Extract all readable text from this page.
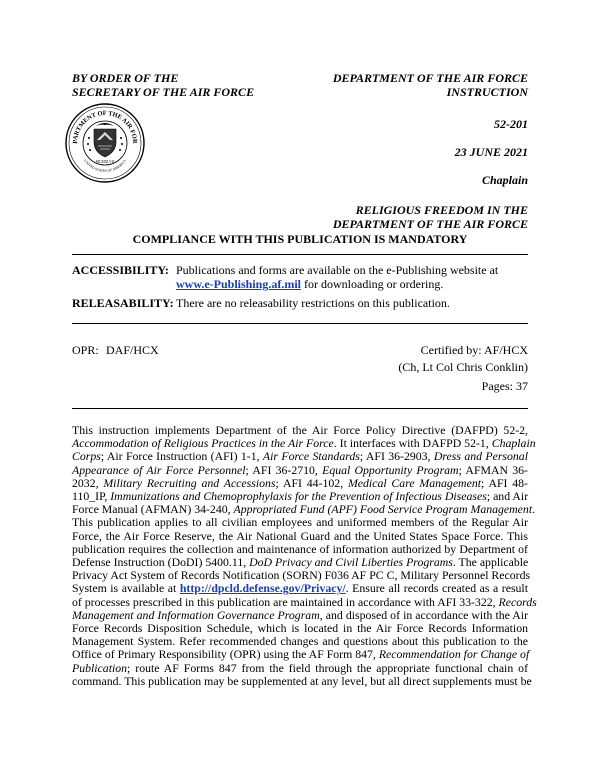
BY ORDER OF THE
SECRETARY OF THE AIR FORCE
DEPARTMENT OF THE AIR FORCE
INSTRUCTION
52-201
23 JUNE 2021
Chaplain
RELIGIOUS FREEDOM IN THE
DEPARTMENT OF THE AIR FORCE
PARTMENT OF THE AIR FOR
UNITED STATES OF AMERICA
MCMXLVII
COMPLIANCE WITH THIS PUBLICATION IS MANDATORY
ACCESSIBILITY: Publications and forms are available on the e-Publishing website at
www.e-Publishing.af.mil for downloading or ordering.
RELEASABILITY: There are no releasability restrictions on this publication.
OPR: DAF/HCX	Certified by: AF/HCX
(Ch, Lt Col Chris Conklin)
Pages: 37
This instruction implements Department of the Air Force Policy Directive (DAFPD) 52-2,
Accommodation of Religious Practices in the Air Force. It interfaces with DAFPD 52-1, Chaplain
Corps; Air Force Instruction (AFI) 1-1, Air Force Standards; AFI 36-2903, Dress and Personal
Appearance of Air Force Personnel; AFI 36-2710, Equal Opportunity Program; AFMAN 36-
2032, Military Recruiting and Accessions; AFI 44-102, Medical Care Management; AFI 48-
110_IP, Immunizations and Chemoprophylaxis for the Prevention of Infectious Diseases; and Air
Force Manual (AFMAN) 34-240, Appropriated Fund (APF) Food Service Program Management.
This publication applies to all civilian employees and uniformed members of the Regular Air
Force, the Air Force Reserve, the Air National Guard and the United States Space Force. This
publication requires the collection and maintenance of information authorized by Department of
Defense Instruction (DoDI) 5400.11, DoD Privacy and Civil Liberties Programs. The applicable
Privacy Act System of Records Notification (SORN) F036 AF PC C, Military Personnel Records
System is available at http://dpcld.defense.gov/Privacy/. Ensure all records created as a result
of processes prescribed in this publication are maintained in accordance with AFI 33-322, Records
Management and Information Governance Program, and disposed of in accordance with the Air
Force Records Disposition Schedule, which is located in the Air Force Records Information
Management System. Refer recommended changes and questions about this publication to the
Office of Primary Responsibility (OPR) using the AF Form 847, Recommendation for Change of
Publication; route AF Forms 847 from the field through the appropriate functional chain of
command. This publication may be supplemented at any level, but all direct supplements must be
